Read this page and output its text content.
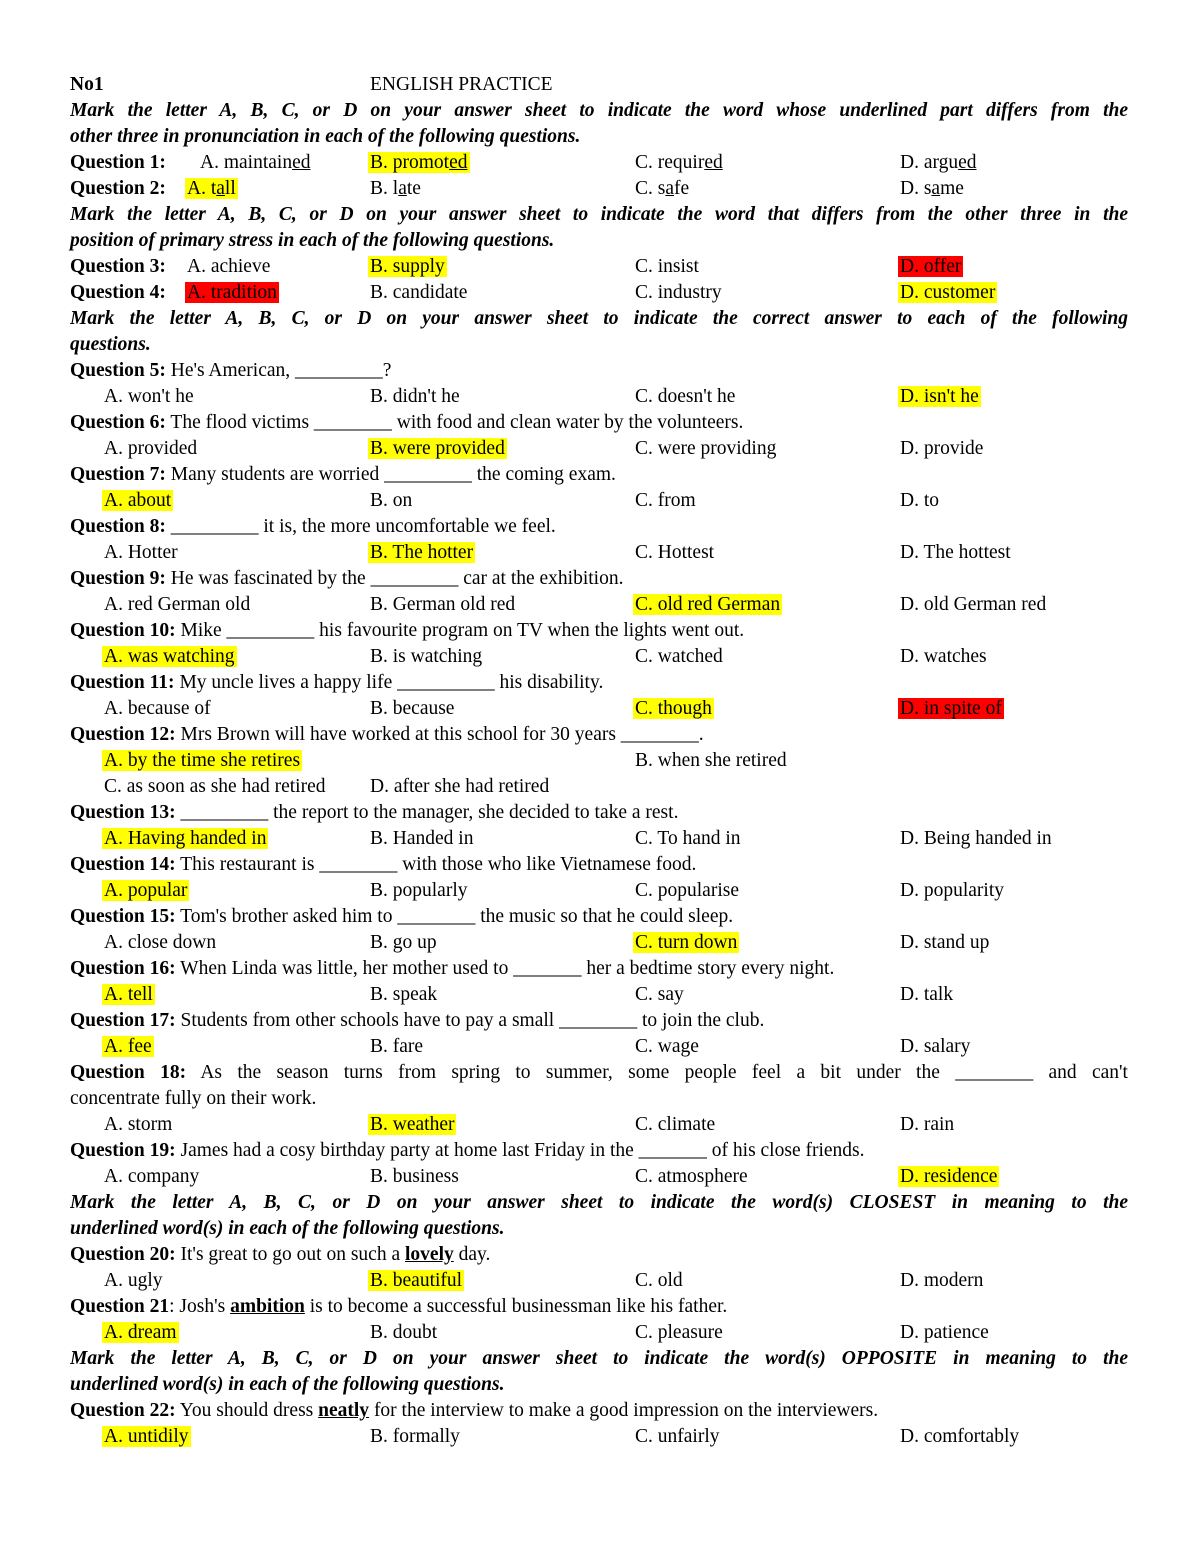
No1	ENGLISH PRACTICE
Mark the letter A, B, C, or D on your answer sheet to indicate the word whose underlined part differs from the
other three in pronunciation in each of the following questions.
Question 1: A. maintained	B. promoted	C. required	D. argued
Question 2: A. tall	B. late	C. safe	D. same
Mark the letter A, B, C, or D on your answer sheet to indicate the word that differs from the other three in the
position of primary stress in each of the following questions.
Question 3: A. achieve	B. supply	C. insist	D. offer
Question 4: A. tradition	B. candidate	C. industry	D. customer
Mark the letter A, B, C, or D on your answer sheet to indicate the correct answer to each of the following
questions.
Question 5: He's American, _________?
A. won't he	B. didn't he	C. doesn't he	D. isn't he
Question 6: The flood victims ________ with food and clean water by the volunteers.
A. provided	B. were provided	C. were providing	D. provide
Question 7: Many students are worried _________ the coming exam.
A. about	B. on	C. from	D. to
Question 8: _________ it is, the more uncomfortable we feel.
A. Hotter	B. The hotter	C. Hottest	D. The hottest
Question 9: He was fascinated by the _________ car at the exhibition.
A. red German old	B. German old red	C. old red German	D. old German red
Question 10: Mike _________ his favourite program on TV when the lights went out.
A. was watching	B. is watching	C. watched	D. watches
Question 11: My uncle lives a happy life __________ his disability.
A. because of	B. because	C. though	D. in spite of
Question 12: Mrs Brown will have worked at this school for 30 years ________.
A. by the time she retires	B. when she retired
C. as soon as she had retired D. after she had retired
Question 13: _________ the report to the manager, she decided to take a rest.
A. Having handed in	B. Handed in	C. To hand in	D. Being handed in
Question 14: This restaurant is ________ with those who like Vietnamese food.
A. popular	B. popularly	C. popularise	D. popularity
Question 15: Tom's brother asked him to ________ the music so that he could sleep.
A. close down	B. go up	C. turn down	D. stand up
Question 16: When Linda was little, her mother used to _______ her a bedtime story every night.
A. tell	B. speak	C. say	D. talk
Question 17: Students from other schools have to pay a small ________ to join the club.
A. fee	B. fare	C. wage	D. salary
Question 18: As the season turns from spring to summer, some people feel a bit under the ________ and can't
concentrate fully on their work.
A. storm	B. weather	C. climate	D. rain
Question 19: James had a cosy birthday party at home last Friday in the _______ of his close friends.
A. company	B. business	C. atmosphere	D. residence
Mark the letter A, B, C, or D on your answer sheet to indicate the word(s) CLOSEST in meaning to the
underlined word(s) in each of the following questions.
Question 20: It's great to go out on such a lovely day.
A. ugly	B. beautiful	C. old	D. modern
Question 21: Josh's ambition is to become a successful businessman like his father.
A. dream	B. doubt	C. pleasure	D. patience
Mark the letter A, B, C, or D on your answer sheet to indicate the word(s) OPPOSITE in meaning to the
underlined word(s) in each of the following questions.
Question 22: You should dress neatly for the interview to make a good impression on the interviewers.
A. untidily	B. formally	C. unfairly	D. comfortably
